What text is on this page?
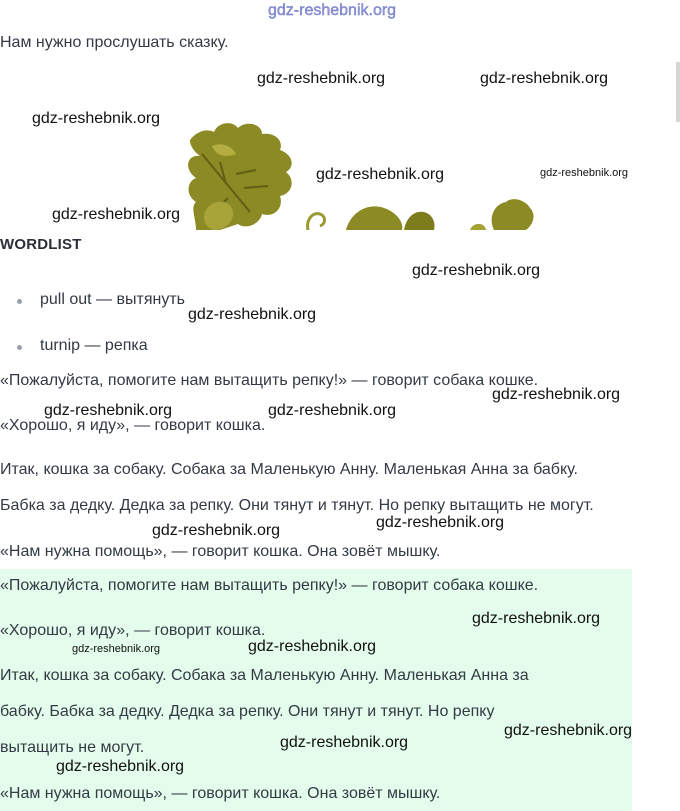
gdz-reshebnik.org
Нам нужно прослушать сказку.
WORDLIST
pull out — вытянуть
turnip — репка
«Пожалуйста, помогите нам вытащить репку!» — говорит собака кошке.
«Хорошо, я иду», — говорит кошка.
Итак, кошка за собаку. Собака за Маленькую Анну. Маленькая Анна за бабку.
Бабка за дедку. Дедка за репку. Они тянут и тянут. Но репку вытащить не могут.
«Нам нужна помощь», — говорит кошка. Она зовёт мышку.
«Пожалуйста, помогите нам вытащить репку!» — говорит собака кошке.
«Хорошо, я иду», — говорит кошка.
Итак, кошка за собаку. Собака за Маленькую Анну. Маленькая Анна за
бабку. Бабка за дедку. Дедка за репку. Они тянут и тянут. Но репку
вытащить не могут.
«Нам нужна помощь», — говорит кошка. Она зовёт мышку.
gdz-reshebnik.org	gdz-reshebnik.org
gdz-reshebnik.org
gdz-reshebnik.org	gdz-reshebnik.org
gdz-reshebnik.org
gdz-reshebnik.org
gdz-reshebnik.org
gdz-reshebnik.org
gdz-reshebnik.org	gdz-reshebnik.org
gdz-reshebnik.org
gdz-reshebnik.org
gdz-reshebnik.org
gdz-reshebnik.org	gdz-reshebnik.org
gdz-reshebnik.org
gdz-reshebnik.org
gdz-reshebnik.org
